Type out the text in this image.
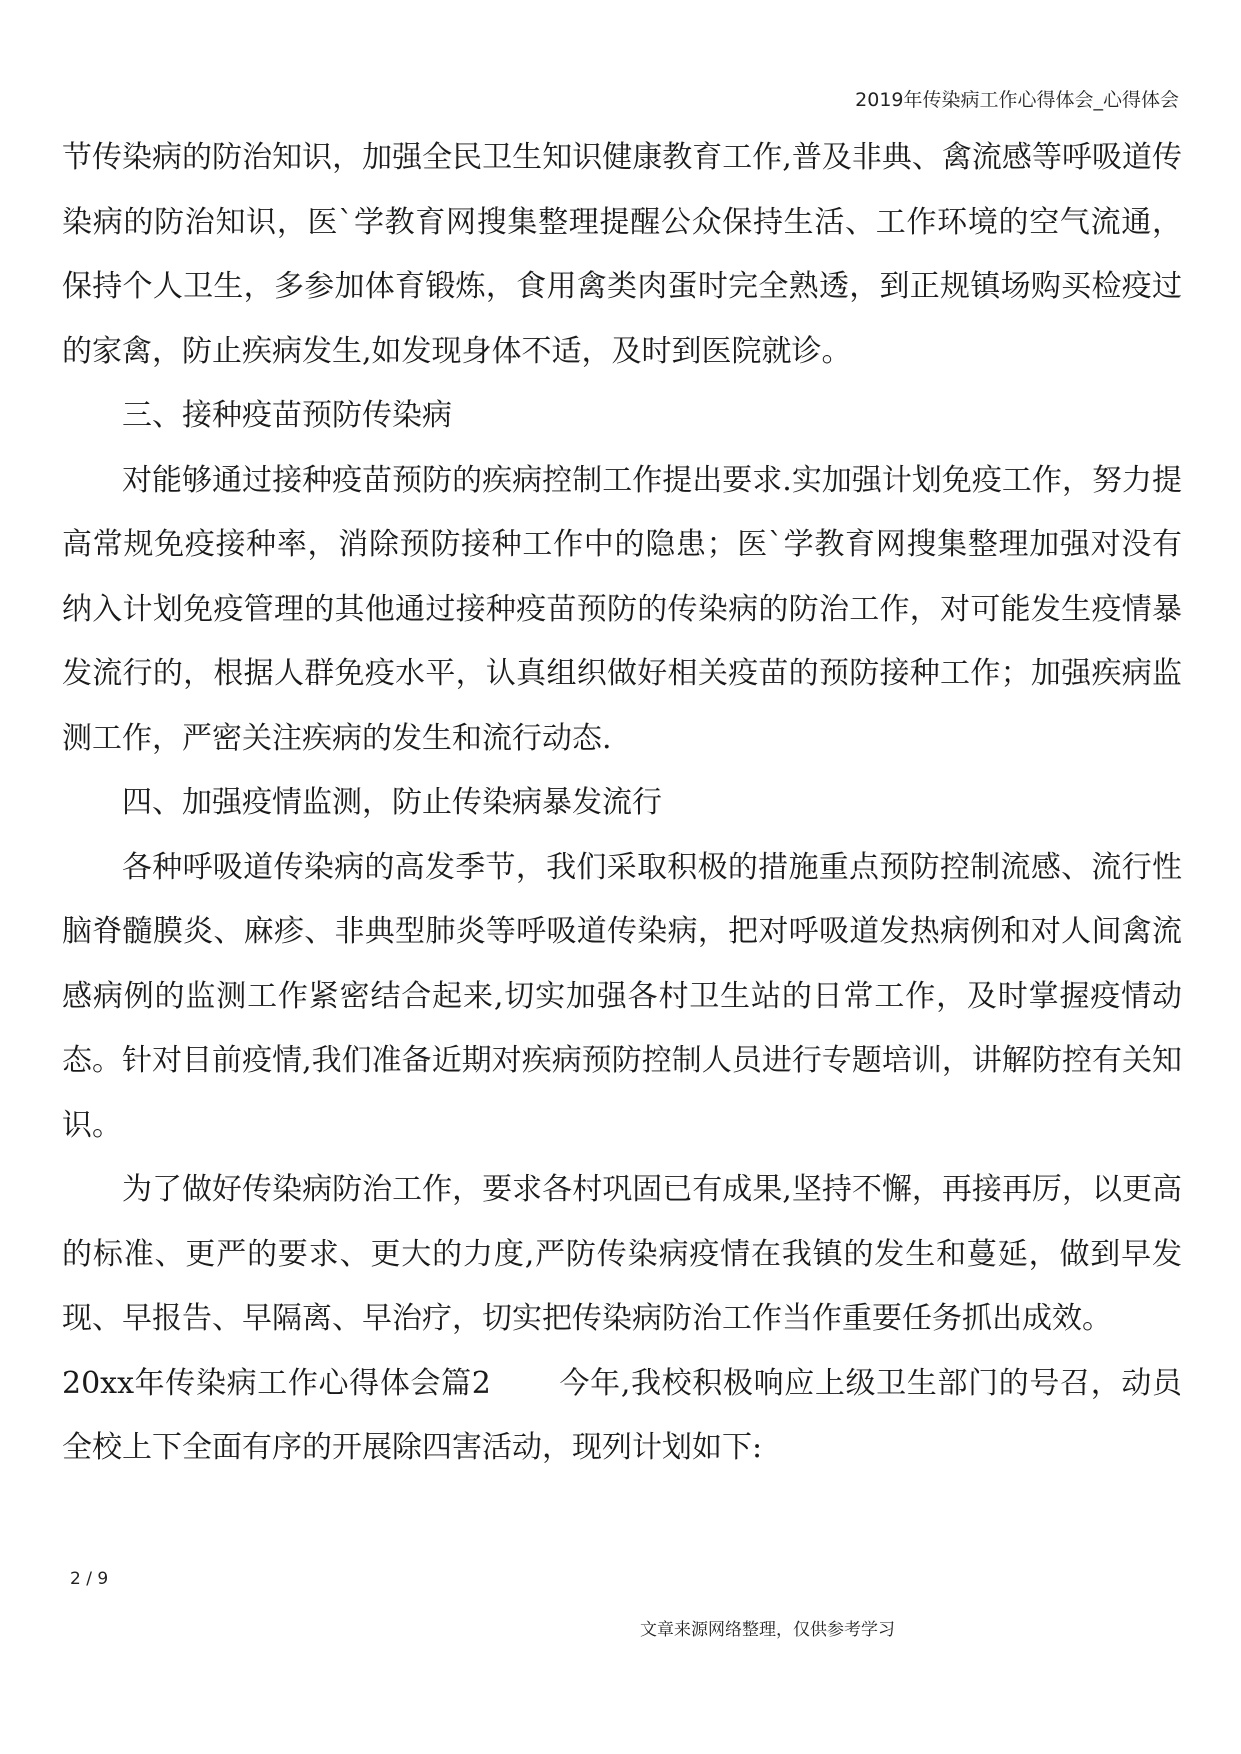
2019年传染病工作心得体会_心得体会

节传染病的防治知识，加强全民卫生知识健康教育工作,普及非典、禽流感等呼吸道传染病的防治知识，医`学教育网搜集整理提醒公众保持生活、工作环境的空气流通，保持个人卫生，多参加体育锻炼，食用禽类肉蛋时完全熟透，到正规镇场购买检疫过的家禽，防止疾病发生,如发现身体不适，及时到医院就诊。

三、接种疫苗预防传染病

对能够通过接种疫苗预防的疾病控制工作提出要求.实加强计划免疫工作，努力提高常规免疫接种率，消除预防接种工作中的隐患；医`学教育网搜集整理加强对没有纳入计划免疫管理的其他通过接种疫苗预防的传染病的防治工作，对可能发生疫情暴发流行的，根据人群免疫水平，认真组织做好相关疫苗的预防接种工作；加强疾病监测工作，严密关注疾病的发生和流行动态.

四、加强疫情监测，防止传染病暴发流行

各种呼吸道传染病的高发季节，我们采取积极的措施重点预防控制流感、流行性脑脊髓膜炎、麻疹、非典型肺炎等呼吸道传染病，把对呼吸道发热病例和对人间禽流感病例的监测工作紧密结合起来,切实加强各村卫生站的日常工作，及时掌握疫情动态。针对目前疫情,我们准备近期对疾病预防控制人员进行专题培训，讲解防控有关知识。

为了做好传染病防治工作，要求各村巩固已有成果,坚持不懈，再接再厉，以更高的标准、更严的要求、更大的力度,严防传染病疫情在我镇的发生和蔓延，做到早发现、早报告、早隔离、早治疗，切实把传染病防治工作当作重要任务抓出成效。

20xx年传染病工作心得体会篇2 今年,我校积极响应上级卫生部门的号召，动员全校上下全面有序的开展除四害活动，现列计划如下:

2 / 9
文章来源网络整理，仅供参考学习
